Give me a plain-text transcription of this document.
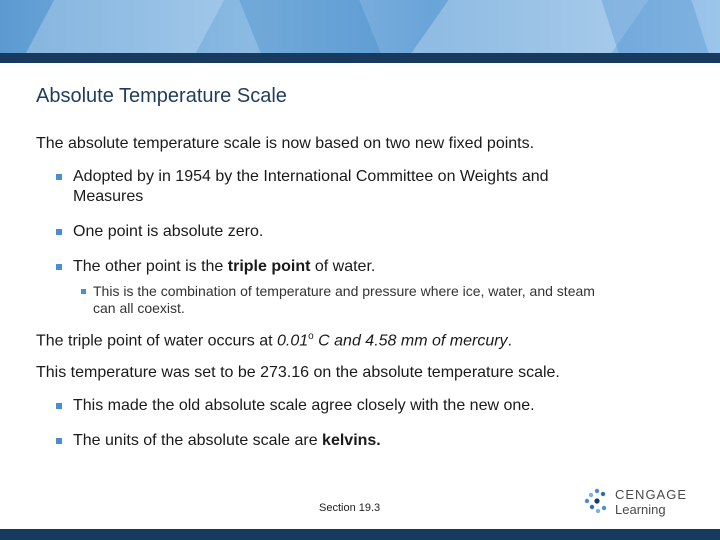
Absolute Temperature Scale

The absolute temperature scale is now based on two new fixed points.

Adopted by in 1954 by the International Committee on Weights and
Measures
One point is absolute zero.
The other point is the triple point of water.
This is the combination of temperature and pressure where ice, water, and steam
can all coexist.

The triple point of water occurs at 0.01$^o$ C and 4.58 mm of mercury.

This temperature was set to be 273.16 on the absolute temperature scale.

This made the old absolute scale agree closely with the new one.
The units of the absolute scale are kelvins.
Section 19.3
CENGAGE
Learning
